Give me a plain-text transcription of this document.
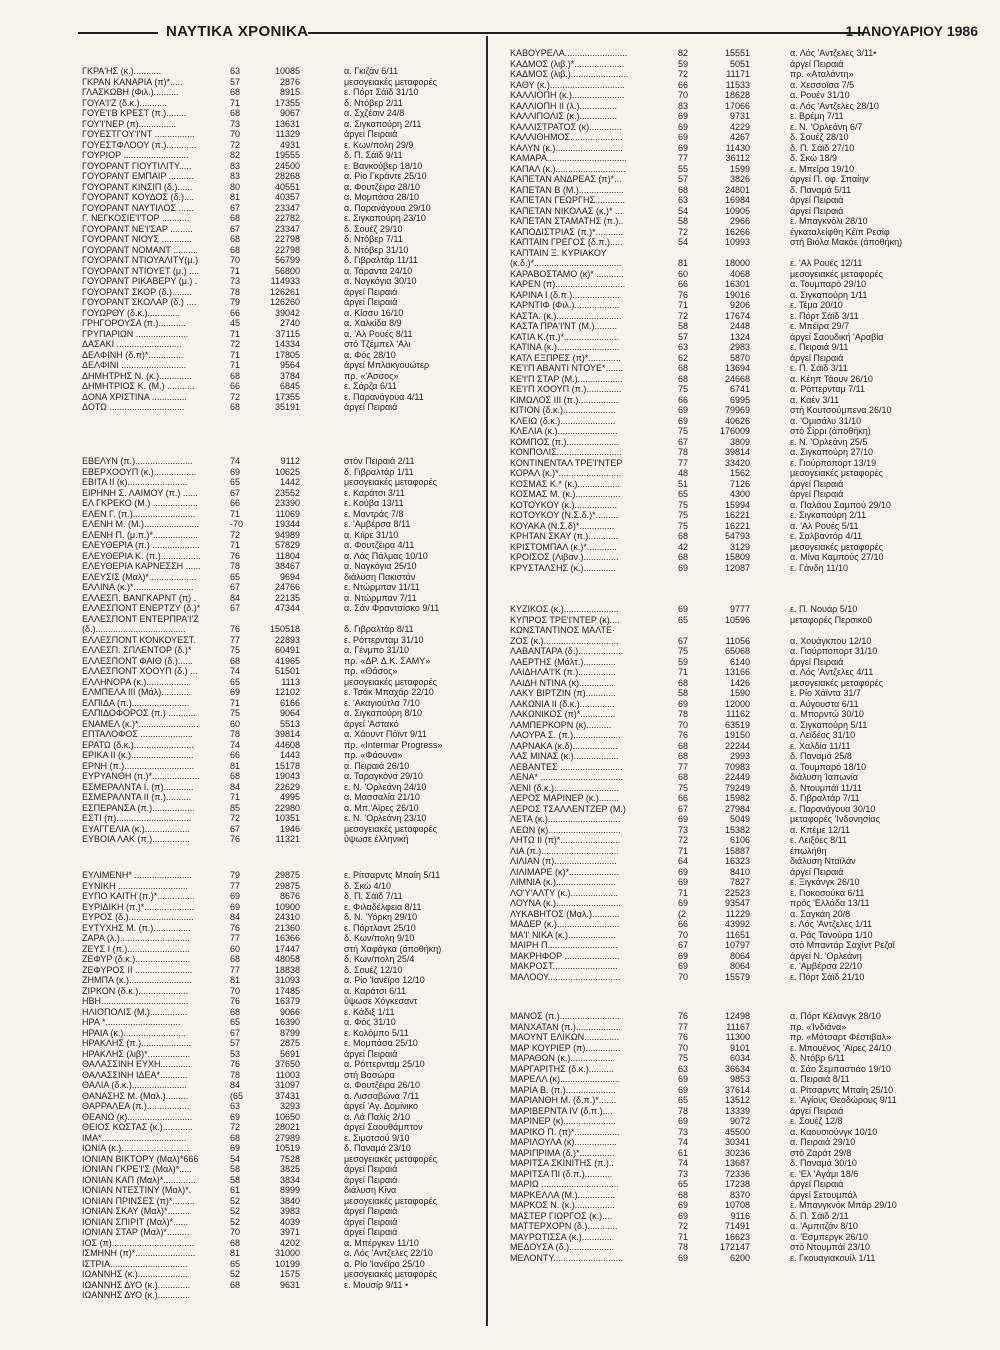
ΝΑΥΤΙΚΑ ΧΡΟΝΙΚΑ	1 ΙΑΝΟΥΑΡΙΟΥ 1986
ΓΚΡΑ'ΗΣ (κ.)...........	63	10085	α. Γκιζάν 6/11
ΓΚΡΑΝ ΚΑΝΑΡΙΑ (π)*.....	57	2876	μεσογειακές μεταφορές
ΓΛΑΣΚΩΒΗ (Φιλ.)..........	68	8915	ε. Πόρτ Σάϊδ 31/10
ΓΟΥΑ'Ι'Ζ (δ.κ.)...........	71	17355	δ. Ντόβερ 2/11
ΓΟΥΕ'Ι'Β ΚΡΕΣΤ (π.)........	68	9067	α. Σχζέσιν 24/8
ΓΟΥ'Ι'ΝΕΡ (π)...............	73	13631	α. Σιγκαπούρη 2/11
ΓΟΥΕΣΤΓΟΥ'Ι'ΝΤ ................	70	11329	άργεί Πειραιά
ΓΟΥΕΣΤΦΛΟΟΥ (π.)............	72	4931	ε. Κων/πολη 29/9
ΓΟΥΡΙΟΡ ..........................	82	19555	δ. Π. Σάϊδ 9/11
ΓΟΥΟΡΑΝΤ ΓΙΟΥΤΙΛΙΤΥ.....	83	24500	ε. Βανκούβερ 18/10
ΓΟΥΟΡΑΝΤ ΕΜΠΑΙΡ ..........	83	28268	α. Ρίο Γκράντε 25/10
ΓΟΥΟΡΑΝΤ ΚΙΝΣΙΠ (δ.)......	80	40551	α. Φουτζέιρα 28/10
ΓΟΥΟΡΑΝΤ ΚΟΥΔΟΣ (δ.)....	81	40357	α. Μομπάσα 28/10
ΓΟΥΟΡΑΝΤ ΝΑΥΤΙΛΟΣ ......	67	23347	α. Παρανάγουα 29/10
Γ. ΝΕΓΚΟΣΙΕ'Ι'ΤΟΡ ...........	68	22782	ε. Σιγκαπούρη 23/10
ΓΟΥΟΡΑΝΤ ΝΕ'Ι'ΣΑΡ .........	67	23347	δ. Σουέζ 29/10
ΓΟΥΟΡΑΝΤ ΝΙΟΥΣ ............	68	22798	δ. Ντόβερ 7/11
ΓΟΥΟΡΑΝΤ ΝΟΜΑΝΤ ..........	68	22798	δ. Ντόβερ 31/10
ΓΟΥΟΡΑΝΤ ΝΤΙΟΥΑΛΙΤΥ(μ.)	70	56799	δ. Γιβραλτάρ 11/11
ΓΟΥΟΡΑΝΤ ΝΤΙΟΥΕΤ (μ.) ....	71	56800	α. Τάραντα 24/10
ΓΟΥΟΡΑΝΤ ΡΙΚΑΒΕΡΥ (μ.) .	73	114933	α. Ναγκόγια 30/10
ΓΟΥΟΡΑΝΤ ΣΚΟΡ (δ.)........	78	126261	άργεί Πειραιά
ΓΟΥΟΡΑΝΤ ΣΚΟΛΑΡ (δ.) ....	79	126260	άργεί Πειραιά
ΓΟΥΩΡΘΥ (δ.κ.).............	66	39042	α. Κίσσυ 16/10
ΓΡΗΓΟΡΟΥΣΑ (π.)...........	45	2740	α. Χαλκίδα 8/9
ΓΡΥΠΑΡΙΩΝ .....................	71	37115	α. 'Αλ Ρουές 8/11
ΔΑΣΑΚΙ ..........................	72	14334	στό Τζέμπελ 'Αλι
ΔΕΛΦΙΝΗ (δ.π)*..............	71	17805	α. Φός 28/10
ΔΕΛΦΙΝΙ ..........................	71	9564	άργεί Μπλακγουώτερ
ΔΗΜΗΤΡΗΣ Ν. (κ.).............	68	3784	πρ. «'Ασσος»
ΔΗΜΗΤΡΙΟΣ Κ. (Μ.) ...........	66	6845	ε. Σάρζα 6/11
ΔΟΝΑ ΧΡΙΣΤΙΝΑ ..............	72	17355	ε. Παρανάγουα 4/11
ΔΟΤΩ ..............................	68	35191	άργεί Πειραιά
ΕΒΕΛΥΝ (π.).......................	74	9112	στόν Πειραιά 2/11
ΕΒΕΡΧΟΟΥΠ (κ.).................	69	10625	δ. Γιβραλτάρ 1/11
ΕΒΙΤΑ ΙΙ (κ)........................	65	1442	μεσογειακές μεταφορές
ΕΙΡΗΝΗ Σ. ΛΑΙΜΟΥ (π.) ......	67	23552	ε. Καράτσι 3/11
ΕΛ ΓΚΡΕΚΟ (Μ.) ..................	66	23390	ε. Κούβα 13/11
ΕΛΕΝ Γ. (π.).........................	71	11069	ε. Μαντράς 7/8
ΕΛΕΝΗ Μ. (Μ.)......................	-70	19344	ε. 'Αμβέρσα 8/11
ΕΛΕΝΗ Π. (μ.π.)*..................	72	94989	α. Κιϊρε 31/10
ΕΛΕΥΘΕΡΙΑ (π.) ...................	71	57829	α. Φουτζέιρα 4/11
ΕΛΕΥΘΕΡΙΑ Κ. (π.)................	76	11804	α. Λάς Πάλμας 10/10
ΕΛΕΥΘΕΡΙΑ ΚΑΡΝΕΣΣΗ ......	78	38467	α. Ναγκόγια 25/10
ΕΛΕΥΣΙΣ (Μαλ)*...................	65	9694	διάλυση Πακιστάν
ΕΛΛΙΝΑ (κ.)*........................	67	24766	ε. Ντώρμπαν 11/11
ΕΛΛΕΣΠ. ΒΑΝΓΚΑΡΝΤ (π) .	84	22135	α. Ντώρμπαν 7/11
ΕΛΛΕΣΠΟΝΤ ΕΝΕΡΤΖΥ (δ.)*	67	47344	α. Σάν Φραντσίσκο 9/11
ΕΛΛΕΣΠΟΝΤ ΕΝΤΕΡΠΡΑ'Ι'Ζ
(δ.)....................................	76	150518	δ. Γιβραλτάρ 8/11
ΕΛΛΕΣΠΟΝΤ ΚΟΝΚΟΥΕΣΤ.	77	22893	ε. Ρόττερνταμ 31/10
ΕΛΛΕΣΠ. ΣΠΛΕΝΤΟΡ (δ.)*	75	60491	α. Γένμπο 31/10
ΕΛΛΕΣΠΟΝΤ ΦΑΙΘ (δ.)......	68	41965	πρ. «ΔΡ. Δ.Κ. ΣΑΜΥ»
ΕΛΛΕΣΠΟΝΤ ΧΟΟΥΠ (δ.) ...	74	51501	πρ. «Θάσος»
ΕΛΛΗΝΟΡΑ (κ.).................	65	1113	μεσογειακές μεταφορές
ΕΛΜΠΕΛΑ ΙΙΙ (Μάλ)............	69	12102	ε. Τσάκ Μπαχάρ 22/10
ΕΛΠΙΔΑ (π.).......................	71	6166	ε. 'Ακαγιούτλα 7/10
ΕΛΠΙΔΟΦΟΡΟΣ (π.) ...........	75	9064	α. Σιγκαπούρη 8/10
ΕΝΑΜΕΛ (κ.)*........................	60	5513	άργεί 'Αστακό
ΕΠΤΑΛΟΦΟΣ .....................	78	39814	α. Χάουντ Πόϊντ 9/11
ΕΡΑΤΩ (δ.κ.)........................	74	44608	πρ. «Intermar Progress»
ΕΡΙΚΑ ΙΙ (κ.).........................	66	1443	πρ. «Φάουνα»
ΕΡΝΗ (π.)............................	81	15178	α. Πειραιά 26/10
ΕΥΡΥΑΝΘΗ (π.)*...................	68	19043	α. Ταραγκόνα 29/10
ΕΣΜΕΡΑΛΝΤΑ Ι. (π)............	84	22629	ε. Ν. 'Ορλεάνη 24/10
ΕΣΜΕΡΑΛΝΤΑ ΙΙ (π.)..........	71	4995	α. Μασσαλία 21/10
ΕΣΠΕΡΑΝΣΑ (π.).................	85	22980	α. Μπ.'Αϊρες 26/10
ΕΣΤΙ (π)..............................	72	10351	ε. Ν. 'Ορλεάνη 23/10
ΕΥΑΓΓΕΛΙΑ (κ.)..................	67	1946	μεσογειακές μεταφορές
ΕΥΒΟΙΑ ΛΑΚ (π.)...............	76	11321	ΰψωσε έλληνική
ΕΥΛΙΜΕΝΗ* .......................	79	29875	ε. Ρίτσαρντς Μπαίη 5/11
ΕΥΝΙΚΗ ............................	77	29875	δ. Σκώ 4/10
ΕΥΠΟ ΚΑΙΤΗ (π.)*...............	69	8676	δ. Π. Σάϊδ 7/11
ΕΥΡΙΔΙΚΗ (π.)*....................	69	10900	ε. Φιλαδέλφεια 8/11
ΕΥΡΟΣ (δ.)..........................	84	24310	δ. Ν. 'Υόρκη 29/10
ΕΥΤΥΧΗΣ Μ. (π.)...............	76	21360	ε. Πόρτλαντ 25/10
ΖΑΡΑ (λ.)............................	77	16366	δ. Κων/πολη 9/10
ΖΕΥΣ Ι (π.).........................	60	17447	στή Χαφάγκα (άποθήκη)
ΖΕΦΥΡ (δ.κ.)......................	68	48058	δ. Κων/πολη 25/4
ΖΕΦΥΡΟΣ ΙΙ .......................	77	18838	δ. Σουέζ 12/10
ΖΗΜΠΑ (κ.).........................	81	31093	α. Ρίο 'Ιανέϊρο 12/10
ΖΙΡΚΟΝ (δ.κ.)....................	70	17485	α. Καράτσι 6/11
ΗΒΗ...................................	76	16379	ΰψωσε Χόγκεσαντ
ΗΛΙΟΠΟΛΙΣ (Μ.)...............	68	9066	ε. Κάδιξ 1/11
ΗΡΑ *..............................	65	16390	α. Φός 31/10
ΗΡΑΙΑ (κ.).........................	67	8799	ε. Κολόμπο 5/11
ΗΡΑΚΛΗΣ (π.)....................	57	2875	ε. Μομπάσα 25/10
ΗΡΑΚΛΗΣ (λιβ)*.................	53	5691	άργεί Πειραιά
ΘΑΛΑΣΣΙΝΗ ΕΥΧΗ............	76	37650	α. Ρόττερνταμ 25/10
ΘΑΛΑΣΣΙΝΗ ΙΔΕΑ*...........	78	11003	στή Βασώρα
ΘΑΛΙΑ (δ.κ.)......................	84	31097	α. Φουτζέιρα 26/10
ΘΑΝΑΣΗΣ Μ. (Μαλ.).........	(65	37431	α. Λισσαβώνα 7/11
ΘΑΡΡΑΛΕΑ (π.).................	63	3293	άργεί 'Αγ. Δομίνικο
ΘΕΑΝΩ (κ)..........................	69	10650	α. Λά Παλίς 2/10
ΘΕΙΟΣ ΚΩΣΤΑΣ (κ.)............	72	28021	άργεί Σαουθάμπτον
ΙΜΑ*..................................	68	27989	ε. Σιμοτσού 9/10
ΙΩΝΙΑ (κ.)............................	69	10519	δ. Παναμά 23/10
ΙΟΝΙΑΝ ΒΙΚΤΟΡΥ (Μαλ)*666	54	7528	μεσογειακές μεταφορές
ΙΟΝΙΑΝ ΓΚΡΕ'Ι'Σ (Μαλ)*.....	58	3825	άργεί Πειραιά
ΙΟΝΙΑΝ ΚΑΠ (Μαλ)*.............	58	3834	άργεί Πειραιά
ΙΟΝΙΑΝ ΝΤΕΣΤΙΝΥ (Μαλ)*.	61	8999	διάλυση Κίνα
ΙΟΝΙΑΝ ΠΡΙΝΣΕΣ (π)*.........	52	3840	μεσογειακές μεταφορές
ΙΟΝΙΑΝ ΣΚΑΥ (Μαλ)*.........	52	3983	άργεί Πειραιά
ΙΟΝΙΑΝ ΣΠΙΡΙΤ (Μαλ)*......	52	4039	άργεί Πειραιά
ΙΟΝΙΑΝ ΣΤΑΡ (Μαλ)*.........	70	3971	άργεί Πειραιά
ΙΟΣ (π).................................	68	4202	α. Μπέργκεν 11/10
ΙΣΜΗΝΗ (π)*........................	81	31000	α. Λός 'Αντζελες 22/10
ΙΣΤΡΙΑ...............................	65	10199	α. Ρίο 'Ιανέϊρο 25/10
ΙΩΑΝΝΗΣ (κ.)....................	52	1575	μεσογειακές μεταφορές
ΙΩΑΝΝΗΣ ΔΥΟ (κ.).............	68	9631	ε. Μουσίρ 9/11 •
ΙΩΑΝΝΗΣ ΔΥΟ (κ.).............
ΚΑΒΟΥΡΕΛΑ.........................	82	15551	α. Λός 'Αντζελες 3/11•
ΚΑΔΜΟΣ (λιβ.)*....................	59	5051	άργεί Πειραιά
ΚΑΔΜΟΣ (λιβ.).......................	72	11171	πρ. «Αταλάντη»
ΚΑΘΥ (κ.)..............................	66	11533	α. Χεσσοϊσα 7/5
ΚΑΛΛΙΟΠΗ (κ.).....................	70	18628	α. Ρουέν 31/10
ΚΑΛΛΙΟΠΗ ΙΙ (λ.)...............	83	17066	α. Λός 'Αντζελες 28/10
ΚΑΛΛΙΠΟΛΙΣ (κ.)...............	69	9731	ε. Βρέμη 7/11
ΚΑΛΛΙΣΤΡΑΤΟΣ (κ).............	69	4229	ε. Ν. 'Ορλεάνη 6/7
ΚΑΛΛΙΘΗΜΟΣ.....................	69	4267	δ. Σουέζ 28/10
ΚΑΛΥΝ (κ.)...........................	69	11430	δ. Π. Σάϊδ 27/10
ΚΑΜΑΡΑ................................	77	36112	δ. Σκώ 18/9
ΚΑΠΑΛ (κ.)............................	55	1599	ε. Μπείρα 19/10
ΚΑΠΕΤΑΝ ΑΝΔΡΕΑΣ (π)*...	57	3826	άργεί Π. οφ. Σπαίην
ΚΑΠΕΤΑΝ Β (Μ.)..................	68	24801	δ. Παναμά 5/11
ΚΑΠΕΤΑΝ ΓΕΩΡΓΗΣ............	63	16984	άργεί Πειραιά
ΚΑΠΕΤΑΝ ΝΙΚΟΛΑΣ (κ.)* ...	54	10905	άργεί Πειραιά
ΚΑΠΕΤΑΝ ΣΤΑΜΑΤΗΣ (π.)..	58	2966	ε. Μπαγκνόλι 28/10
ΚΑΠΟΔΙΣΤΡΙΑΣ (π.)*...........	72	16266	έγκαταλείφθη Κέϊπ Ρεσίφ
ΚΑΠΤΑΙΝ ΓΡΕΓΟΣ (δ.π.).....	54	10993	στή Βιόλα Μακάε (άποθήκη)
ΚΑΠΤΑΙΝ Ξ. ΚΥΡΙΑΚΟΥ
(κ.δ.)*...................................	81	18000	ε. 'Αλ Ρουές 12/11
ΚΑΡΑΒΟΣΤΑΜΟ (κ)* ...........	60	4068	μεσογειακές μεταφορές
ΚΑΡΕΝ (π)............................	66	16301	α. Τουμπαρό 29/10
ΚΑΡΙΝΑ Ι (δ.π.)...................	76	19016	α. Σιγκαπούρη 1/11
ΚΑΡΝΤΙΦ (Φιλ.)..................	71	9206	ε. Τέμα 20/10
ΚΑΣΤΑ. (κ.)..........................	72	17674	ε. Πόρτ Σάϊδ 3/11
ΚΑΣΤΑ ΠΡΑ'Ι'ΝΤ (Μ.).........	58	2448	ε. Μπέϊρα 29/7
ΚΑΤΙΑ Κ.(π.)*......................	57	1324	άργεί Σαουδική 'Αραβία
ΚΑΤΙΝΑ (κ.).........................	63	2983	ε. Πειραιά 9/11
ΚΑΤΛ ΕΞΠΡΕΣ (π)*.............	62	5870	άργεί Πειραιά
ΚΕ'Ι'Π ΑΒΑΝΤΙ ΝΤΟΥΕ*.......	68	13694	ε. Π. Σάϊδ 3/11
ΚΕ'Ι'Π ΣΤΑΡ (Μ.)..................	68	24668	α. Κέηπ Τάουν 26/10
ΚΕ'Ι'Π ΧΟΟΥΠ (π.)..............	75	6741	α. Ρόττερνταμ 7/11
ΚΙΜΩΛΟΣ ΙΙΙ (π.)................	66	6995	α. Καέν 3/11
ΚΙΤΙΟΝ (δ.κ.).....................	69	79969	στή Κουτσούμπενα 26/10
ΚΛΕΙΩ (δ.κ.)......................	69	40626	α. 'Ομισάλυ 31/10
ΚΛΕΛΙΑ (κ.)........................	75	176009	στό Σίρρι (άποθήκη)
ΚΟΜΠΟΣ (π.).....................	67	3809	ε. Ν. 'Ορλεάνη 25/5
ΚΟΝΠΟΛΙΣ..........................	78	39814	α. Σιγκαπούρη 27/10
ΚΟΝΤΙΝΕΝΤΑΛ ΤΡΕ'Ι'ΝΤΕΡ	77	33420	ε. Γιούρποπορτ 13/19
ΚΟΡΑΛ (κ.)*.........................	48	1562	μεσογειακές μεταφορές
ΚΟΣΜΑΣ Κ.* (κ.).................	51	7126	άργεί Πειραιά
ΚΟΣΜΑΣ Μ. (κ.)..................	65	4300	άργεί Πειραιά
ΚΟΤΟΥΚΟΥ (κ.).................	75	15994	α. Παλάου Σαμπού 29/10
ΚΟΤΟΥΚΟΥ (Ν.Σ.δ.)*.........	75	16221	ε. Σιγκαπούρη 2/11
ΚΟΥΑΚΑ (Ν.Σ.δ)*..............	75	16221	α. 'Αλ Ρουές 5/11
ΚΡΗΤΑΝ ΣΚΑΥ (π.)............	68	54793	ε. Σαλβαντόρ 4/11
ΚΡΙΣΤΟΜΠΑΛ (κ.)*............	42	3129	μεσογειακές μεταφορές
ΚΡΟΙΣΟΣ (Λιβαν.)..............	68	15809	α. Μίνα Καμπούς 27/10
ΚΡΥΣΤΑΛΣΗΣ (κ.).............	69	12087	ε. Γάνδη 11/10
ΚΥΖΙΚΟΣ (κ.)......................	69	9777	ε. Π. Νουάρ 5/10
ΚΥΠΡΟΣ ΤΡΕ'Ι'ΝΤΕΡ (κ)....	65	10596	μεταφορές Περσικοῦ
ΚΩΝΣΤΑΝΤΙΝΟΣ ΜΑΛΤΕ·
ΖΟΣ (κ.)..............................	67	11056	α. Χουάγκπου 12/10
ΛΑΒΑΝΤΑΡΑ (δ.)..................	75	65068	α. Γιούρποπορτ 31/10
ΛΑΕΡΤΗΣ (Μάλτ.).............	59	6140	άργεί Πειραιά
ΛΑΙΔΗΛΑ'Ι'Κ (π.)...............	71	13166	α. Λός 'Αντζελες 4/11
ΛΑΙΔΗ ΝΤΙΝΑ (κ)..............	68	1426	μεσογειακές μεταφορές
ΛΑΚΥ ΒΙΡΤΖΙΝ (π)............	58	1590	ε. Ρίο Χάϊντα 31/7
ΛΑΚΩΝΙΑ ΙΙ (δ.κ.)..............	69	12000	α. Αύγουστα 6/11
ΛΑΚΩΝΙΚΟΣ (π)*..............	78	11162	α. Μπορντώ 30/10
ΛΑΜΠΕΡΚΟΡΝ (κ)..........	70	63519	α. Σιγκαπούρη 5/11
ΛΑΟΥΡΑ Σ. (π.)...................	76	19150	α. Λεϊδέος 31/10
ΛΑΡΝΑΚΑ (κ.δ)..................	68	22244	ε. Χαλδία 11/11
ΛΑΣ ΜΙΝΑΣ (κ.)..................	68	2993	δ. Παναμά 25/8
ΛΕΒΑΝΤΕΣ .........................	77	70983	α. Τουμπαρό 18/10
ΛΕΝΑ* .................................	68	22449	διάλυση Ίαπωνία
ΛΕΝΙ (δ.κ.)..........................	75	79249	δ. Ντουμπάϊ 11/11
ΛΕΡΟΣ ΜΑΡΙΝΕΡ (κ.)........	66	15982	δ. Γιβραλτάρ 7/11
ΛΕΡΟΣ ΤΣΑΛΛΕΝΤΖΕΡ (Μ.)	67	27984	ε. Παρανάγουα 30/10
ΛΕΤΑ (κ.).............................	69	5049	μεταφορές 'Ινδονησίας
ΛΕΩΝ (κ).............................	73	15382	α. Κπέμε 12/11
ΛΗΤΩ ΙΙ (π)*........................	72	6106	ε. Λειξόες 8/11
ΛΙΑ (π.)...............................	71	15887	έπωλήθη
ΛΙΛΙΑΝ (π).........................	64	16323	διάλυση Νταϊλάν
ΛΙΛΙΜΑΡΕ (κ)*....................	69	8410	άργεί Πειραιά
ΛΙΜΝΙΑ (κ.)........................	69	7827	ε. Ξιγκάνγκ 26/10
ΛΟ'Υ'ΑΛΤΥ (κ.)...................	71	22523	ε. Γιοκοσούκα 6/11
ΛΟΥΝΑ (κ.)..........................	69	93547	πρός 'Ελλάδα 13/11
ΛΥΚΑΒΗΤΟΣ (Μαλ.)...........	(2	11229	α. Σαγκάη 20/8
ΜΑΔΕΡ (κ.).........................	66	43992	ε. Λός 'Αντζελες 1/11
ΜΑ'Ι' ΝΙΚΑ (κ.)...................	70	11651	α. Ράς Τανούρα 1/10
ΜΑΙΡΗ Π............................	67	10797	στό Μπαντάρ Σαχίντ Ρεζαΐ
ΜΑΚΡΗΦΟΡ ......................	69	8064	άργεί Ν. 'Ορλεάνη
ΜΑΚΡΟΣΤ..........................	69	8064	ε. 'Αμβέρσα 22/10
ΜΑΛΟΟΥ.............................	70	15579	ε. Πόρτ Σάϊδ 21/10
ΜΑΝΟΣ (π.)........................	76	12498	α. Πόρτ Κέλανγκ 28/10
ΜΑΝΧΑΤΑΝ (π.)..................	77	11167	πρ. «Ίνδιάνα»
ΜΑΟΥΝΤ ΕΛΙΚΩΝ..............	76	11300	πρ. «Μότσαρτ Φέστιβαλ»
ΜΑΡ ΚΟΥΡΙΕΡ (π)..............	70	9101	ε. Μπουένος 'Αϊρες 24/10
ΜΑΡΑΘΩΝ (κ.).................	75	6034	δ. Ντόβρ 6/11
ΜΑΡΓΑΡΙΤΗΣ (δ.κ.)..........	63	36634	α. Σάο Σεμπαστιάο 19/10
ΜΑΡΕΛΛ (κ)........................	69	9853	α. Πειραιά 8/11
ΜΑΡΙΑ Β. (π.)....................	69	37614	α. Ρίτσαρντς Μπαίη 25/10
ΜΑΡΙΑΝΘΗ Μ. (δ.π.)*.......	65	13512	ε. 'Αγίους Θεοδώρους 9/11
ΜΑΡΙΒΕΡΝΤΑ IV (δ.π.)....	78	13339	άργεί Πειραιά
ΜΑΡΙΝΕΡ (κ).....................	69	9072	ε. Σουέζ 12/8
ΜΑΡΙΚΟ Π. (π)*..................	73	45500	α. Καουσιούνγκ 10/10
ΜΑΡΙΛΟΥΛΑ (κ).................	74	30341	α. Πειραιά 29/10
ΜΑΡΙΠΡΙΜΑ (δ.)*..............	61	30236	στό Ζαράτ 29/8
ΜΑΡΙΤΣΑ ΣΚΙΝΙΤΗΣ (π.)..	74	13687	δ. Παναμά 30/10
ΜΑΡΙΤΣΑ ΠΙ (δ.π.)...........	73	72336	ε. 'Ελ 'Αγάμι 18/6
ΜΑΡΙΩ ...............................	65	17238	άργεί Πειραιά
ΜΑΡΚΕΛΛΑ (Μ.)...............	68	8370	άργεί Σετουμπάλ
ΜΑΡΚΟΣ Ν. (κ.)................	69	10708	ε. Μπανγκνόκ Μπάρ 29/10
ΜΑΣΤΕΡ ΓΙΩΡΓΟΣ (κ.)....	69	9116	δ. Π. Σάϊδ 2/11
ΜΑΤΤΕΡΧΟΡΝ (δ.)............	72	71491	α. 'Αμπιτζάν 8/10
ΜΑΥΡΩΤΙΣΣΑ (κ.)............	71	16623	α. 'Εσμπεργκ 26/10
ΜΕΔΟΥΣΑ (δ.)..................	78	172147	στό Ντουμπάϊ 23/10
ΜΕΛΟΝΤΥ............................	69	6200	ε. Γκουαγιακουίλ 1/11
